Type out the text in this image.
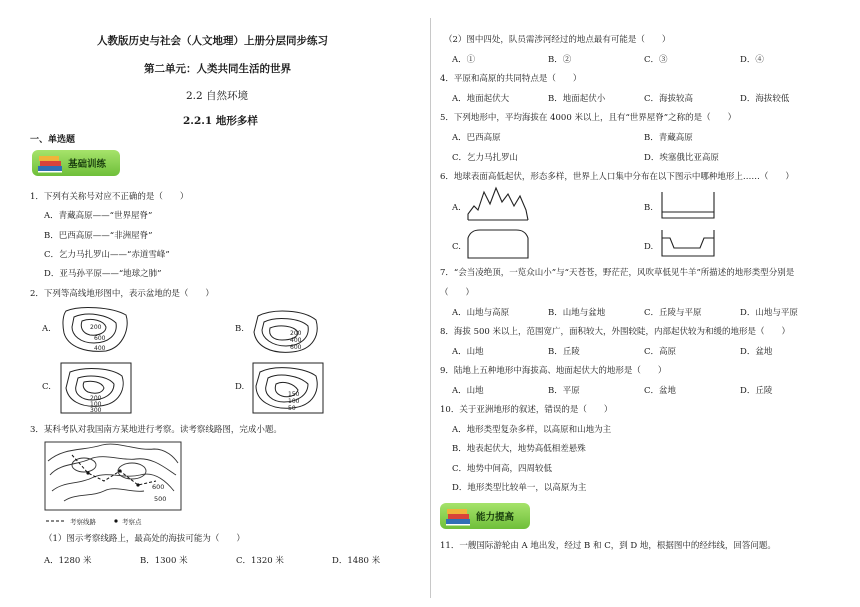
人教版历史与社会（人文地理）上册分层同步练习
第二单元：人类共同生活的世界
2.2 自然环境
2.2.1 地形多样
一、单选题
基础训练
1．下列有关称号对应不正确的是（　　）
A．青藏高原——“世界屋脊”
B．巴西高原——“非洲屋脊”
C．乞力马扎罗山——“赤道雪峰”
D．亚马孙平原——“地球之肺”
2．下列等高线地形图中，表示盆地的是（　　）
A.	200
600
400
B.	200
400
600
C.
200
100
300
D.
150
100
50
3．某科考队对我国南方某地进行考察。读考察线路图，完成小题。
600
500
考察线路	考察点
（1）图示考察线路上，最高处的海拔可能为（　　）
A．1280 米	B．1300 米	C．1320 米	D．1480 米
（2）图中四处，队员需涉河经过的地点最有可能是（　　）
A．①	B．②	C．③	D．④
4．平原和高原的共同特点是（　　）
A．地面起伏大	B．地面起伏小	C．海拔较高	D．海拔较低
5．下列地形中，平均海拔在 4000 米以上，且有“世界屋脊”之称的是（　　）
A．巴西高原	B．青藏高原
C．乞力马扎罗山	D．埃塞俄比亚高原
6．地球表面高低起伏，形态多样，世界上人口集中分布在以下图示中哪种地形上……（　　）
A.	B.
C.	D.
7．“会当凌绝顶，一览众山小”与“天苍苍，野茫茫，风吹草低见牛羊”所描述的地形类型分别是
（　　）
A．山地与高原	B．山地与盆地	C．丘陵与平原	D．山地与平原
8．海拔 500 米以上，范围宽广，面积较大，外围较陡，内部起伏较为和缓的地形是（　　）
A．山地	B．丘陵	C．高原	D．盆地
9．陆地上五种地形中海拔高、地面起伏大的地形是（　　）
A．山地	B．平原	C．盆地	D．丘陵
10．关于亚洲地形的叙述，错误的是（　　）
A．地形类型复杂多样，以高原和山地为主
B．地表起伏大，地势高低相差悬殊
C．地势中间高，四周较低
D．地形类型比较单一，以高原为主
能力提高
11．一艘国际游轮由 A 地出发，经过 B 和 C，到 D 地，根据图中的经纬线，回答问题。
